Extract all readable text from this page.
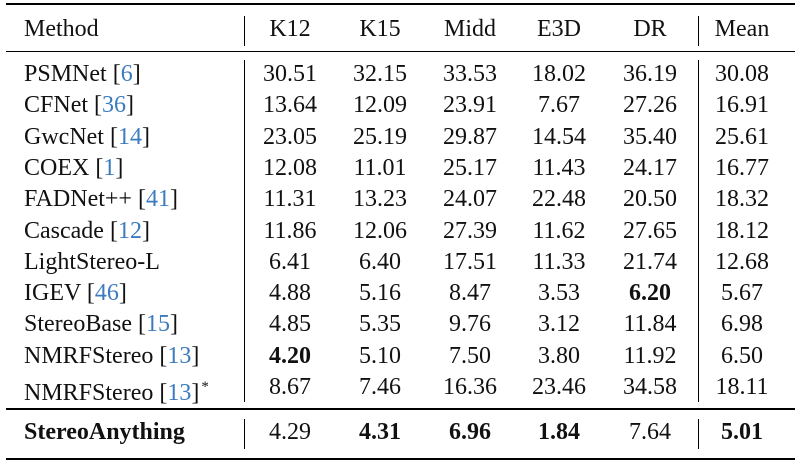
Method	K12 K15 Midd E3D DR Mean
PSMNet [6]	30.51 32.15 33.53 18.02 36.19 30.08
CFNet [36]	13.64 12.09 23.91 7.67 27.26 16.91
GwcNet [14]	23.05 25.19 29.87 14.54 35.40 25.61
COEX [1]	12.08 11.01 25.17 11.43 24.17 16.77
FADNet++ [41]	11.31 13.23 24.07 22.48 20.50 18.32
Cascade [12]	11.86 12.06 27.39 11.62 27.65 18.12
LightStereo-L	6.41 6.40 17.51 11.33 21.74 12.68
IGEV [46]	4.88 5.16 8.47 3.53 6.20 5.67
StereoBase [15]	4.85 5.35 9.76 3.12 11.84 6.98
NMRFStereo [13]	4.20 5.10 7.50 3.80 11.92 6.50
NMRFStereo [13] *	8.67 7.46 16.36 23.46 34.58 18.11
StereoAnything	4.29 4.31 6.96 1.84 7.64 5.01
